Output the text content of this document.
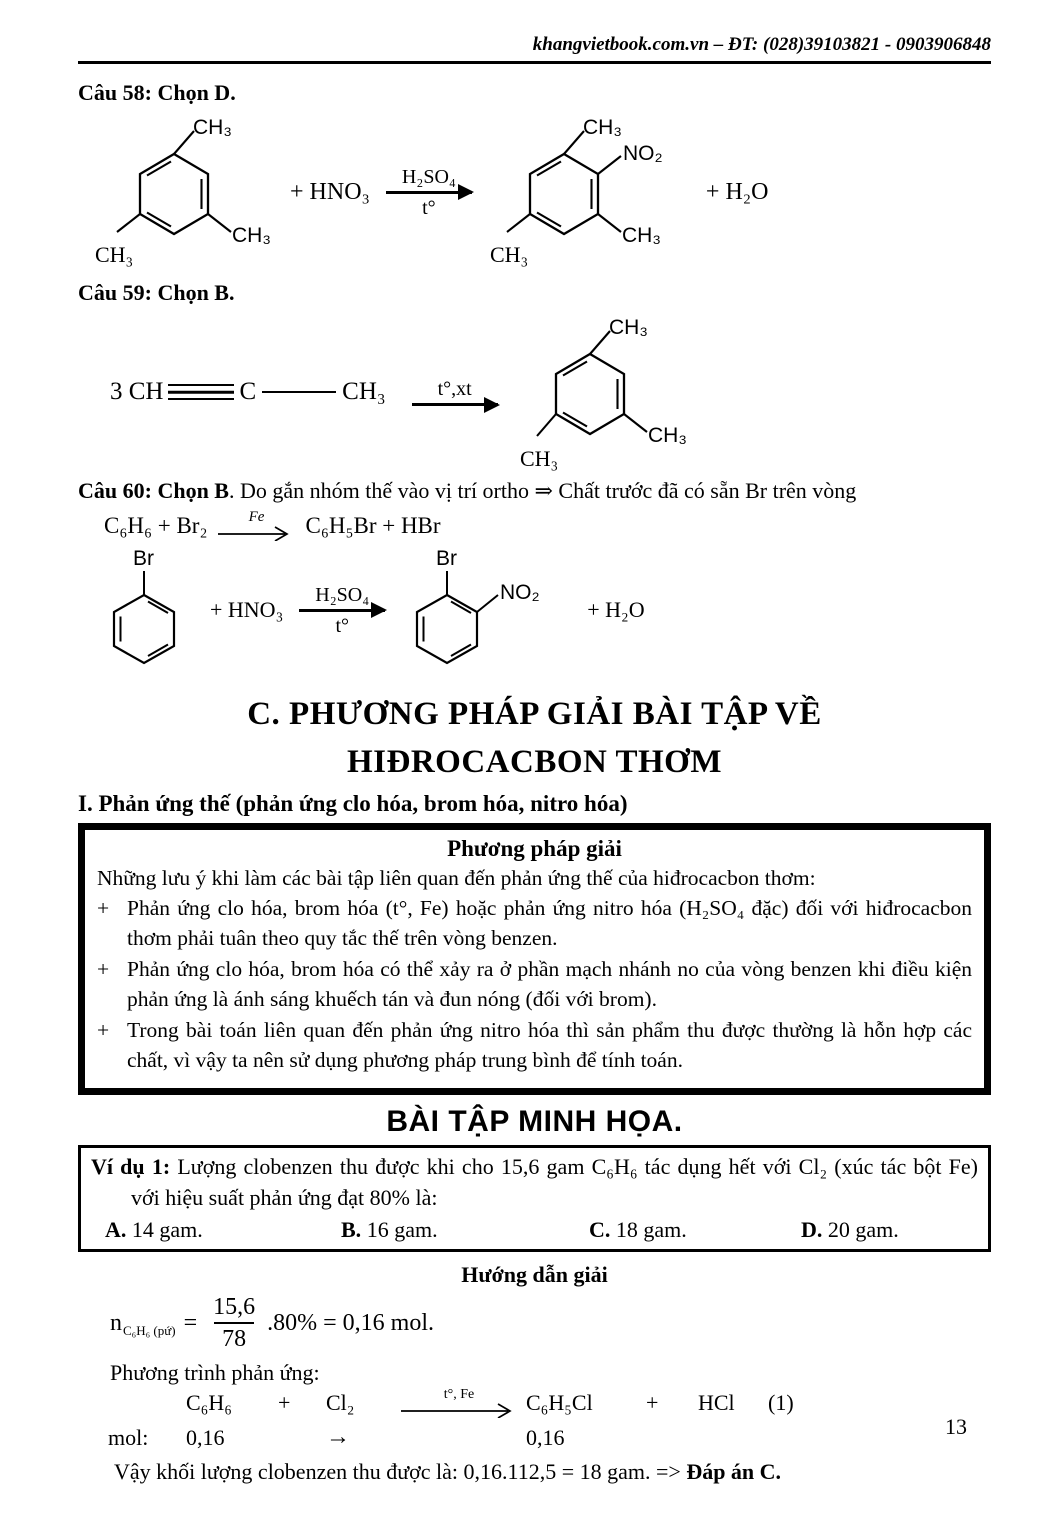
khangvietbook.com.vn – ĐT: (028)39103821 - 0903906848

Câu 58: Chọn D.

CH₃
CH₃
CH₃
+ HNO₃
H₂SO₄
t°
CH₃
NO₂
CH₃
CH₃
+ H₂O

Câu 59: Chọn B.

3 CH	C	CH₃	t°,xt
CH₃
CH₃
CH₃

Câu 60: Chọn B. Do gắn nhóm thế vào vị trí ortho ⇒ Chất trước đã có sẵn Br trên vòng

C₆H₆ + Br₂	Fe C₆H₅Br + HBr
Br
+ HNO₃
H₂SO₄
t°
Br
NO₂
+ H₂O
C. PHƯƠNG PHÁP GIẢI BÀI TẬP VỀ
HIĐROCACBON THƠM
I. Phản ứng thế (phản ứng clo hóa, brom hóa, nitro hóa)
Phương pháp giải

Những lưu ý khi làm các bài tập liên quan đến phản ứng thế của hiđrocacbon thơm:

+ Phản ứng clo hóa, brom hóa (t°, Fe) hoặc phản ứng nitro hóa (H₂SO₄ đặc) đối với hiđrocacbon thơm phải tuân theo quy tắc thế trên vòng benzen.
+ Phản ứng clo hóa, brom hóa có thể xảy ra ở phần mạch nhánh no của vòng benzen khi điều kiện phản ứng là ánh sáng khuếch tán và đun nóng (đối với brom).
+ Trong bài toán liên quan đến phản ứng nitro hóa thì sản phẩm thu được thường là hỗn hợp các chất, vì vậy ta nên sử dụng phương pháp trung bình để tính toán.
BÀI TẬP MINH HỌA.

Ví dụ 1: Lượng clobenzen thu được khi cho 15,6 gam C₆H₆ tác dụng hết với Cl₂ (xúc tác bột Fe) với hiệu suất phản ứng đạt 80% là:

A. 14 gam.	B. 16 gam.	C. 18 gam.	D. 20 gam.
Hướng dẫn giải
n C₆H₆ (pứ) = $\frac{15,6}{78} .80\% = 0,16$ mol.

Phương trình phản ứng:

C₆H₆	+	Cl₂	t°, Fe C₆H₅Cl	+	HCl	(1)
mol:	0,16	→	0,16

Vậy khối lượng clobenzen thu được là: 0,16.112,5 = 18 gam. => Đáp án C.

13
